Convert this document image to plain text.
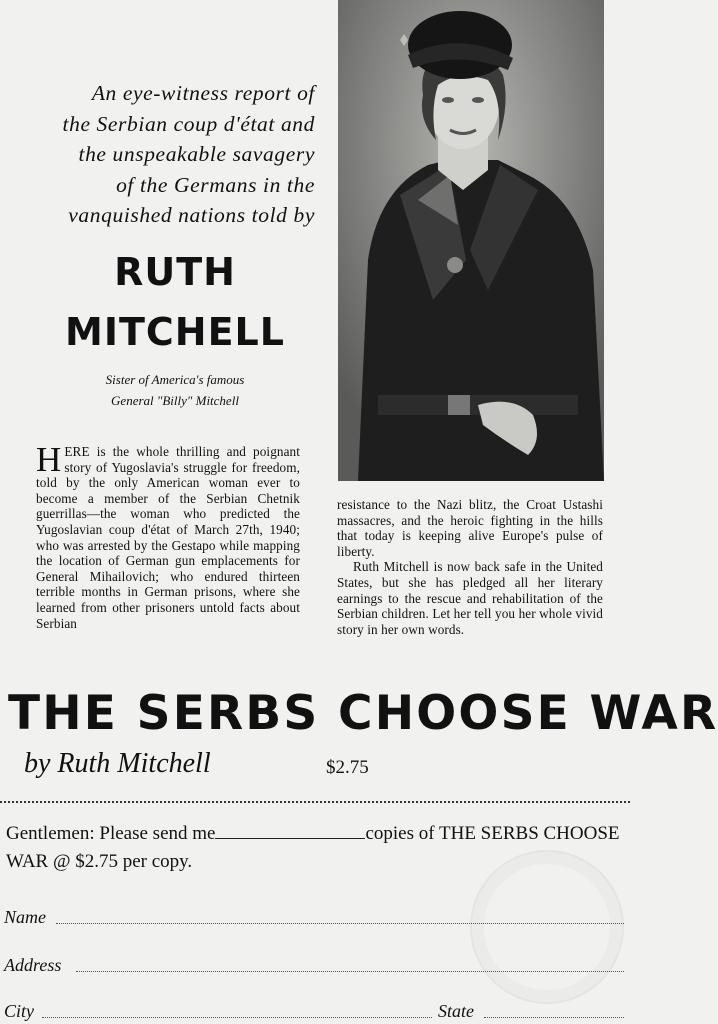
An eye-witness report of
the Serbian coup d'état and
the unspeakable savagery
of the Germans in the
vanquished nations told by
RUTH
MITCHELL
Sister of America's famous
General "Billy" Mitchell
H ERE is the whole thrilling and poignant story of Yugoslavia's struggle for freedom, told by the only American woman ever to become a member of the Serbian Chetnik guerrillas—the woman who predicted the Yugoslavian coup d'état of March 27th, 1940; who was arrested by the Gestapo while mapping the location of German gun emplacements for General Mihailovich; who endured thirteen terrible months in German prisons, where she learned from other prisoners untold facts about Serbian

resistance to the Nazi blitz, the Croat Ustashi massacres, and the heroic fighting in the hills that today is keeping alive Europe's pulse of liberty.

Ruth Mitchell is now back safe in the United States, but she has pledged all her literary earnings to the rescue and rehabilitation of the Serbian children. Let her tell you her whole vivid story in her own words.

THE SERBS CHOOSE WAR
by Ruth Mitchell	$2.75
Gentlemen: Please send me	copies of THE SERBS CHOOSE WAR @ $2.75 per copy.
Name
Address
City	State
